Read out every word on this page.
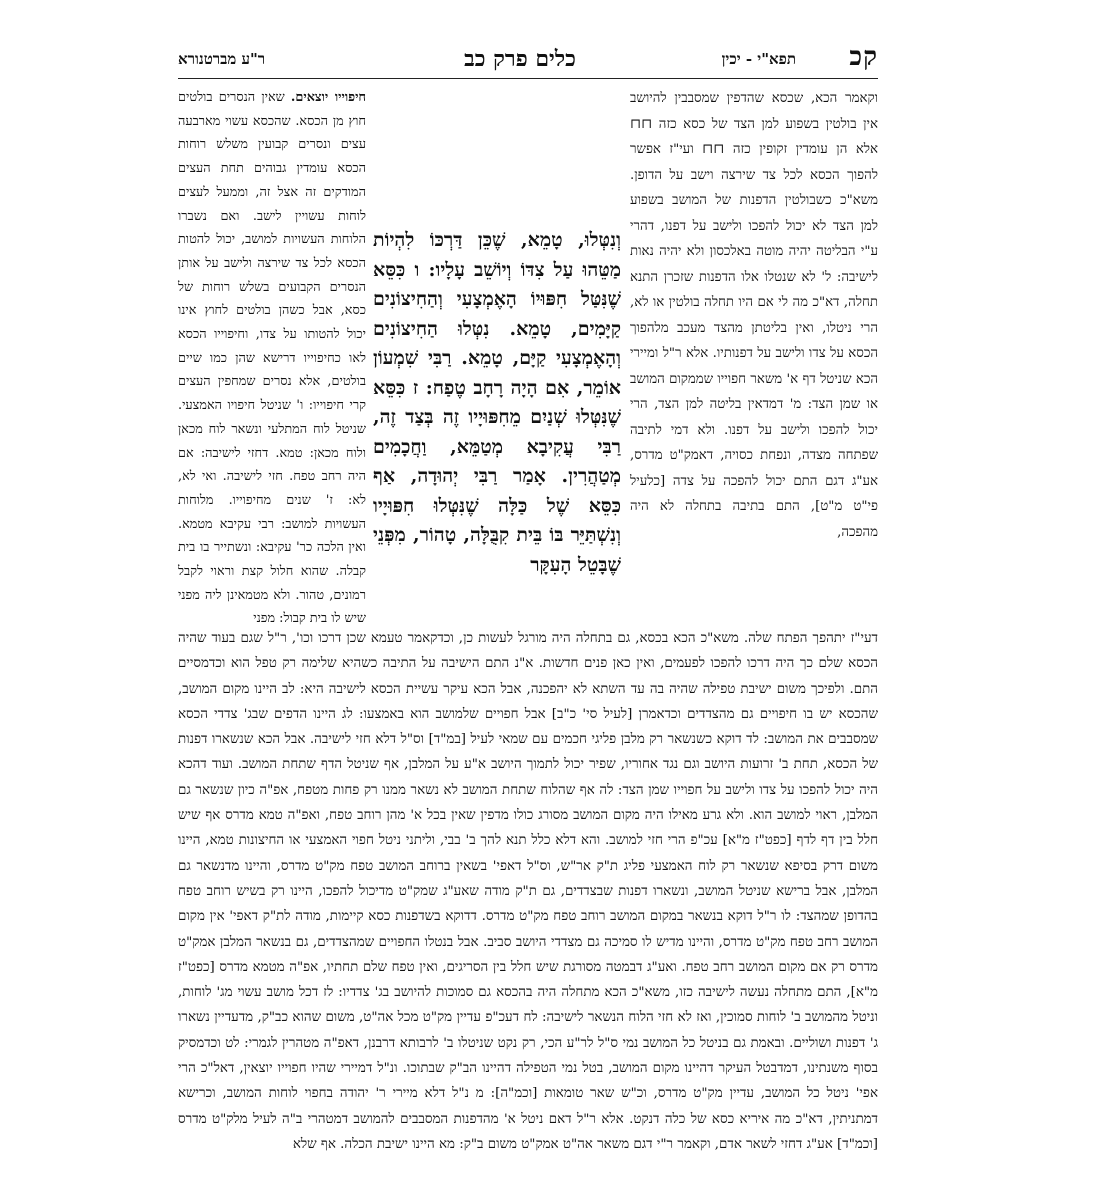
קכ
תפא"י - יכין
כלים פרק כב
ר"ע מברטנורא

וקאמר הכא, שכסא שהדפין שמסבבין להיושב אין בולטין בשפוע למן הצד של כסא כזה ⊓⊓ אלא הן עומדין זקופין כזה ⊓⊓ ועי"ז אפשר להפוך הכסא לכל צד שירצה וישב על הדופן. משא"כ כשבולטין הדפנות של המושב בשפוע למן הצד לא יכול להפכו ולישב על דפנו, דהרי ע"י הבליטה יהיה מוטה באלכסון ולא יהיה נאות לישיבה: ל' לא שנטלו אלו הדפנות שזכרן התנא תחלה, דא"כ מה לי אם היו תחלה בולטין או לא, הרי ניטלו, ואין בליטתן מהצד מעכב מלהפוך הכסא על צדו ולישב על דפנותיו. אלא ר"ל ומיירי הכא שניטל דף א' משאר חפוייו שממקום המושב או שמן הצד: מ' דמדאין בליטה למן הצד, הרי יכול להפכו ולישב על דפנו. ולא דמי לתיבה שפתחה מצדה, ונפחת כסויה, דאמק"ט מדרס, אע"ג דגם התם יכול להפכה על צדה [כלעיל פי"ט מ"ט], התם בתיבה בתחלה לא היה מהפכה,

וְנִטְּלוּ, טָמֵא, שֶׁכֵּן דַּרְכּוֹ לִהְיוֹת מַטֵּהוּ עַל צִדּוֹ וְיוֹשֵׁב עָלָיו: ו כִּסֵּא שֶׁנִּטַּל חִפּוּיוֹ הָאֶמְצָעִי וְהַחִיצוֹנִים קַיָּמִים, טָמֵא. נִטְּלוּ הַחִיצוֹנִים וְהָאֶמְצָעִי קַיָּם, טָמֵא. רַבִּי שִׁמְעוֹן אוֹמֵר, אִם הָיָה רָחָב טֶפַח: ז כִּסֵּא שֶׁנִּטְּלוּ שְׁנַיִם מֵחִפּוּיָיו זֶה בְּצַד זֶה, רַבִּי עֲקִיבָא מְטַמֵּא, וַחֲכָמִים מְטַהֲרִין. אָמַר רַבִּי יְהוּדָה, אַף כִּסֵּא שֶׁל כַּלָּה שֶׁנִּטְּלוּ חִפּוּיָיו וְנִשְׁתַּיֵּר בּוֹ בֵּית קִבֻּלָּה, טָהוֹר, מִפְּנֵי שֶׁבָּטֵל הָעִקָּר

חיפוייו יוצאים. שאין הנסרים בולטים חוץ מן הכסא. שהכסא עשוי מארבעה עצים ונסרים קבועין משלש רוחות הכסא עומדין גבוהים תחת העצים המודקים זה אצל זה, וממעל לעצים לוחות עשויין לישב. ואם נשברו הלוחות העשויות למושב, יכול להטות הכסא לכל צד שירצה ולישב על אותן הנסרים הקבועים בשלש רוחות של כסא, אבל כשהן בולטים לחוץ אינו יכול להטותו על צדו, וחיפוייו הכסא לאו כחיפוייו דרישא שהן כמו שיים בולטים, אלא נסרים שמחפין העצים קרי חיפוייו: ו' שניטל חיפויו האמצעי. שניטל לוח המתלעי ונשאר לוח מכאן ולוח מכאן: טמא. דחזי לישיבה: אם היה רחב טפח. חזי לישיבה. ואי לא, לא: ז' שנים מחיפוייו. מלוחות העשויות למושב: רבי עקיבא מטמא. ואין הלכה כר' עקיבא: ונשתייר בו בית קבלה. שהוא חלול קצת וראוי לקבל רמונים, טהור. ולא מטמאינן ליה מפני שיש לו בית קבול: מפני

דעי"ז יתהפך הפתח שלה. משא"כ הכא בכסא, גם בתחלה היה מורגל לעשות כן, וכדקאמר טעמא שכן דרכו וכו', ר"ל שגם בעוד שהיה הכסא שלם כך היה דרכו להפכו לפעמים, ואין כאן פנים חדשות. א"נ התם הישיבה על התיבה כשהיא שלימה רק טפל הוא וכדמסיים התם. ולפיכך משום ישיבת טפילה שהיה בה עד השתא לא יהפכנה, אבל הכא עיקר עשיית הכסא לישיבה היא: לב היינו מקום המושב, שהכסא יש בו חיפויים גם מהצדדים וכדאמרן [לעיל סי' כ"ב] אבל חפויים שלמושב הוא באמצעו: לג היינו הדפים שבג' צדדי הכסא שמסבבים את המושב: לד דוקא כשנשאר רק מלבן פליגי חכמים עם שמאי לעיל [במ"ד] וס"ל דלא חזי לישיבה. אבל הכא שנשארו דפנות של הכסא, תחת ב' זרועות היושב וגם נגד אחוריו, שפיר יכול לתמוך היושב א"ע על המלבן, אף שניטל הדף שתחת המושב. ועוד דהכא היה יכול להפכו על צדו ולישב על חפוייו שמן הצד: לה אף שהלוח שתחת המושב לא נשאר ממנו רק פחות מטפח, אפ"ה כיון שנשאר גם המלבן, ראוי למושב הוא. ולא גרע מאילו היה מקום המושב מסורג כולו מדפין שאין בכל א' מהן רוחב טפח, ואפ"ה טמא מדרס אף שיש חלל בין דף לדף [כפט"ז מ"א] עכ"פ הרי חזי למושב. והא דלא כלל תנא להך ב' בבי, וליתני ניטל חפוי האמצעי או החיצונות טמא, היינו משום דרק בסיפא שנשאר רק לוח האמצעי פליג ת"ק אר"ש, וס"ל דאפי' בשאין ברוחב המושב טפח מק"ט מדרס, והיינו מדנשאר גם המלבן, אבל ברישא שניטל המושב, ונשארו דפנות שבצדדים, גם ת"ק מודה שאע"ג שמק"ט מדיכול להפכו, היינו רק בשיש רוחב טפח בהדופן שמהצד: לו ר"ל דוקא בנשאר במקום המושב רוחב טפח מק"ט מדרס. דדוקא בשדפנות כסא קיימות, מודה לת"ק דאפי' אין מקום המושב רחב טפח מק"ט מדרס, והיינו מדיש לו סמיכה גם מצדדי היושב סביב. אבל בנטלו החפויים שמהצדדים, גם בנשאר המלבן אמק"ט מדרס רק אם מקום המושב רחב טפח. ואע"ג דבמטה מסורגת שיש חלל בין הסריגים, ואין טפח שלם תחתיו, אפ"ה מטמא מדרס [כפט"ז מ"א], התם מתחלה נעשה לישיבה כזו, משא"כ הכא מתחלה היה בהכסא גם סמוכות להיושב בג' צדדיו: לז דכל מושב עשוי מג' לוחות, וניטל מהמושב ב' לוחות סמוכין, ואז לא חזי הלוח הנשאר לישיבה: לח דעכ"פ עדיין מק"ט מכל אה"ט, משום שהוא כב"ק, מדעדיין נשארו ג' דפנות ושוליים. ובאמת גם בניטל כל המושב נמי ס"ל לר"ע הכי, רק נקט שניטלו ב' לרבותא דרבנן, דאפ"ה מטהרין לגמרי: לט וכדמסיק בסוף משנתינו, דמדבטל העיקר דהיינו מקום המושב, בטל נמי הטפילה דהיינו הב"ק שבתוכו. ונ"ל דמיירי שהיו חפוייו יוצאין, דאל"כ הרי אפי' ניטל כל המושב, עדיין מק"ט מדרס, וכ"ש שאר טומאות [וכמ"ה]: מ נ"ל דלא מיירי ר' יהודה בחפוי לוחות המושב, וכרישא דמתניתין, דא"כ מה איריא כסא של כלה דנקט. אלא ר"ל דאם ניטל א' מהדפנות המסבבים להמושב דמטהרי ב"ה לעיל מלק"ט מדרס [וכמ"ד] אע"ג דחזי לשאר אדם, וקאמר ר"י דגם משאר אה"ט אמק"ט משום ב"ק: מא היינו ישיבת הכלה. אף שלא
